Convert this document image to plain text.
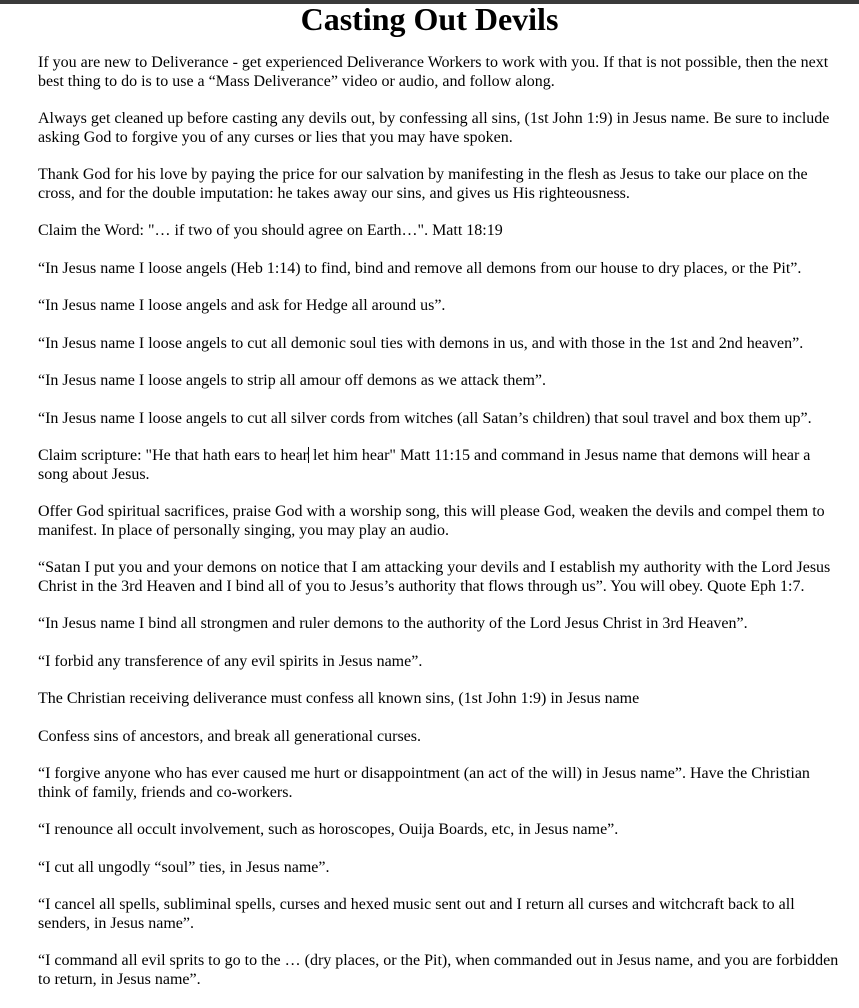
Casting Out Devils

If you are new to Deliverance - get experienced Deliverance Workers to work with you. If that is not possible, then the next best thing to do is to use a “Mass Deliverance” video or audio, and follow along.

Always get cleaned up before casting any devils out, by confessing all sins, (1st John 1:9) in Jesus name. Be sure to include asking God to forgive you of any curses or lies that you may have spoken.

Thank God for his love by paying the price for our salvation by manifesting in the flesh as Jesus to take our place on the cross, and for the double imputation: he takes away our sins, and gives us His righteousness.

Claim the Word: "… if two of you should agree on Earth…". Matt 18:19

“In Jesus name I loose angels (Heb 1:14) to find, bind and remove all demons from our house to dry places, or the Pit”.

“In Jesus name I loose angels and ask for Hedge all around us”.

“In Jesus name I loose angels to cut all demonic soul ties with demons in us, and with those in the 1st and 2nd heaven”.

“In Jesus name I loose angels to strip all amour off demons as we attack them”.

“In Jesus name I loose angels to cut all silver cords from witches (all Satan’s children) that soul travel and box them up”.

Claim scripture: "He that hath ears to hear let him hear" Matt 11:15 and command in Jesus name that demons will hear a song about Jesus.

Offer God spiritual sacrifices, praise God with a worship song, this will please God, weaken the devils and compel them to manifest. In place of personally singing, you may play an audio.

“Satan I put you and your demons on notice that I am attacking your devils and I establish my authority with the Lord Jesus Christ in the 3rd Heaven and I bind all of you to Jesus’s authority that flows through us”. You will obey. Quote Eph 1:7.

“In Jesus name I bind all strongmen and ruler demons to the authority of the Lord Jesus Christ in 3rd Heaven”.

“I forbid any transference of any evil spirits in Jesus name”.

The Christian receiving deliverance must confess all known sins, (1st John 1:9) in Jesus name

Confess sins of ancestors, and break all generational curses.

“I forgive anyone who has ever caused me hurt or disappointment (an act of the will) in Jesus name”. Have the Christian think of family, friends and co-workers.

“I renounce all occult involvement, such as horoscopes, Ouija Boards, etc, in Jesus name”.

“I cut all ungodly “soul” ties, in Jesus name”.

“I cancel all spells, subliminal spells, curses and hexed music sent out and I return all curses and witchcraft back to all senders, in Jesus name”.

“I command all evil sprits to go to the … (dry places, or the Pit), when commanded out in Jesus name, and you are forbidden to return, in Jesus name”.
